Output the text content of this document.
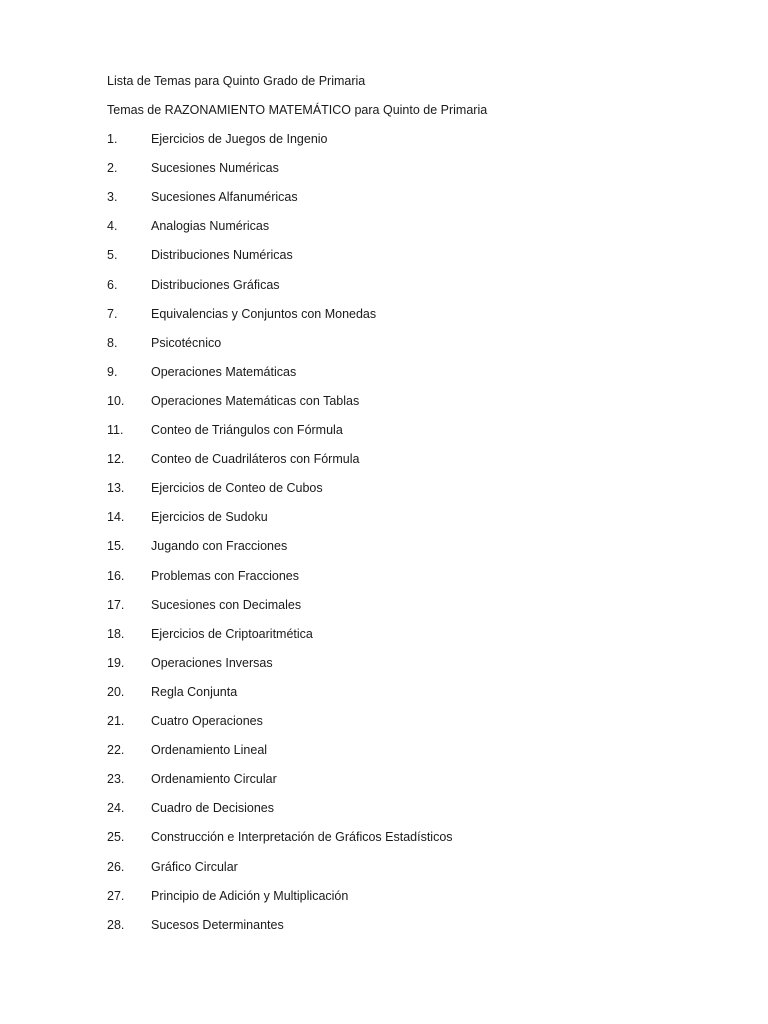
Lista de Temas para Quinto Grado de Primaria
Temas de RAZONAMIENTO MATEMÁTICO para Quinto de Primaria
1.	Ejercicios de Juegos de Ingenio
2.	Sucesiones Numéricas
3.	Sucesiones Alfanuméricas
4.	Analogias Numéricas
5.	Distribuciones Numéricas
6.	Distribuciones Gráficas
7.	Equivalencias y Conjuntos con Monedas
8.	Psicotécnico
9.	Operaciones Matemáticas
10. Operaciones Matemáticas con Tablas
11. Conteo de Triángulos con Fórmula
12. Conteo de Cuadriláteros con Fórmula
13. Ejercicios de Conteo de Cubos
14. Ejercicios de Sudoku
15. Jugando con Fracciones
16. Problemas con Fracciones
17. Sucesiones con Decimales
18. Ejercicios de Criptoaritmética
19. Operaciones Inversas
20. Regla Conjunta
21. Cuatro Operaciones
22. Ordenamiento Lineal
23. Ordenamiento Circular
24. Cuadro de Decisiones
25. Construcción e Interpretación de Gráficos Estadísticos
26. Gráfico Circular
27. Principio de Adición y Multiplicación
28. Sucesos Determinantes
